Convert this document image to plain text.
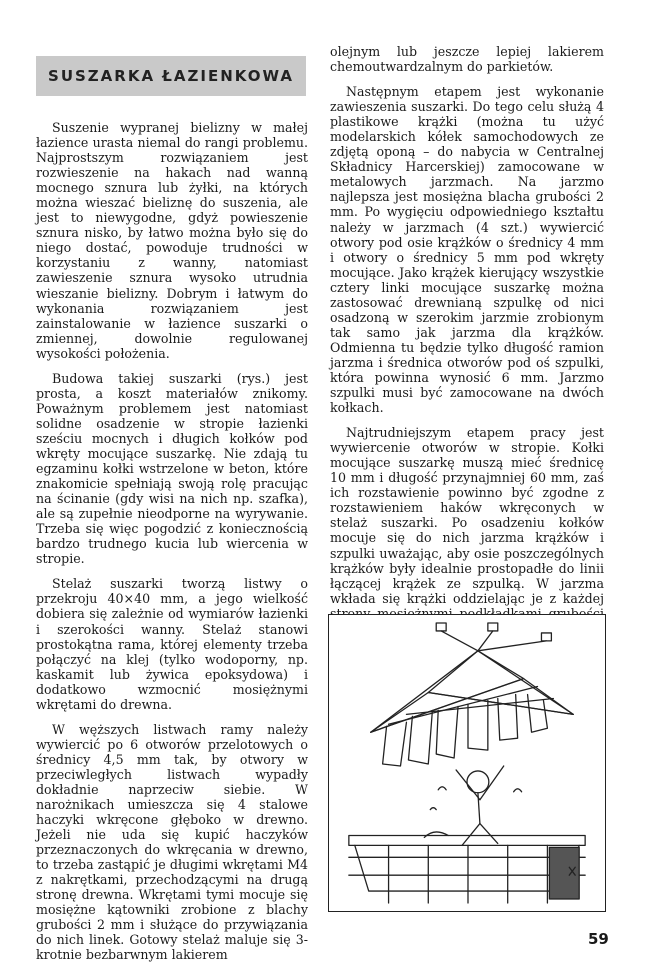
SUSZARKA ŁAZIENKOWA

Suszenie wypranej bielizny w małej łazience urasta niemal do rangi problemu. Najprostszym rozwiązaniem jest rozwieszenie na hakach nad wanną mocnego sznura lub żyłki, na których można wieszać bieliznę do suszenia, ale jest to niewygodne, gdyż powieszenie sznura nisko, by łatwo można było się do niego dostać, powoduje trudności w korzystaniu z wanny, natomiast zawieszenie sznura wysoko utrudnia wieszanie bielizny. Dobrym i łatwym do wykonania rozwiązaniem jest zainstalowanie w łazience suszarki o zmiennej, dowolnie regulowanej wysokości położenia.

Budowa takiej suszarki (rys.) jest prosta, a koszt materiałów znikomy. Poważnym problemem jest natomiast solidne osadzenie w stropie łazienki sześciu mocnych i długich kołków pod wkręty mocujące suszarkę. Nie zdają tu egzaminu kołki wstrzelone w beton, które znakomicie spełniają swoją rolę pracując na ścinanie (gdy wisi na nich np. szafka), ale są zupełnie nieodporne na wyrywanie. Trzeba się więc pogodzić z koniecznością bardzo trudnego kucia lub wiercenia w stropie.

Stelaż suszarki tworzą listwy o przekroju 40×40 mm, a jego wielkość dobiera się zależnie od wymiarów łazienki i szerokości wanny. Stelaż stanowi prostokątna rama, której elementy trzeba połączyć na klej (tylko wodoporny, np. kaskamit lub żywica epoksydowa) i dodatkowo wzmocnić mosiężnymi wkrętami do drewna.

W węższych listwach ramy należy wywiercić po 6 otworów przelotowych o średnicy 4,5 mm tak, by otwory w przeciwległych listwach wypadły dokładnie naprzeciw siebie. W narożnikach umieszcza się 4 stalowe haczyki wkręcone głęboko w drewno. Jeżeli nie uda się kupić haczyków przeznaczonych do wkręcania w drewno, to trzeba zastąpić je długimi wkrętami M4 z nakrętkami, przechodzącymi na drugą stronę drewna. Wkrętami tymi mocuje się mosiężne kątowniki zrobione z blachy grubości 2 mm i służące do przywiązania do nich linek. Gotowy stelaż maluje się 3-krotnie bezbarwnym lakierem

olejnym lub jeszcze lepiej lakierem chemoutwardzalnym do parkietów.

Następnym etapem jest wykonanie zawieszenia suszarki. Do tego celu służą 4 plastikowe krążki (można tu użyć modelarskich kółek samochodowych ze zdjętą oponą – do nabycia w Centralnej Składnicy Harcerskiej) zamocowane w metalowych jarzmach. Na jarzmo najlepsza jest mosiężna blacha grubości 2 mm. Po wygięciu odpowiedniego kształtu należy w jarzmach (4 szt.) wywiercić otwory pod osie krążków o średnicy 4 mm i otwory o średnicy 5 mm pod wkręty mocujące. Jako krążek kierujący wszystkie cztery linki mocujące suszarkę można zastosować drewnianą szpulkę od nici osadzoną w szerokim jarzmie zrobionym tak samo jak jarzma dla krążków. Odmienna tu będzie tylko długość ramion jarzma i średnica otworów pod oś szpulki, która powinna wynosić 6 mm. Jarzmo szpulki musi być zamocowane na dwóch kołkach.

Najtrudniejszym etapem pracy jest wywiercenie otworów w stropie. Kołki mocujące suszarkę muszą mieć średnicę 10 mm i długość przynajmniej 60 mm, zaś ich rozstawienie powinno być zgodne z rozstawieniem haków wkręconych w stelaż suszarki. Po osadzeniu kołków mocuje się do nich jarzma krążków i szpulki uważając, aby osie poszczególnych krążków były idealnie prostopadłe do linii łączącej krążek ze szpulką. W jarzma wkłada się krążki oddzielając je z każdej

59
